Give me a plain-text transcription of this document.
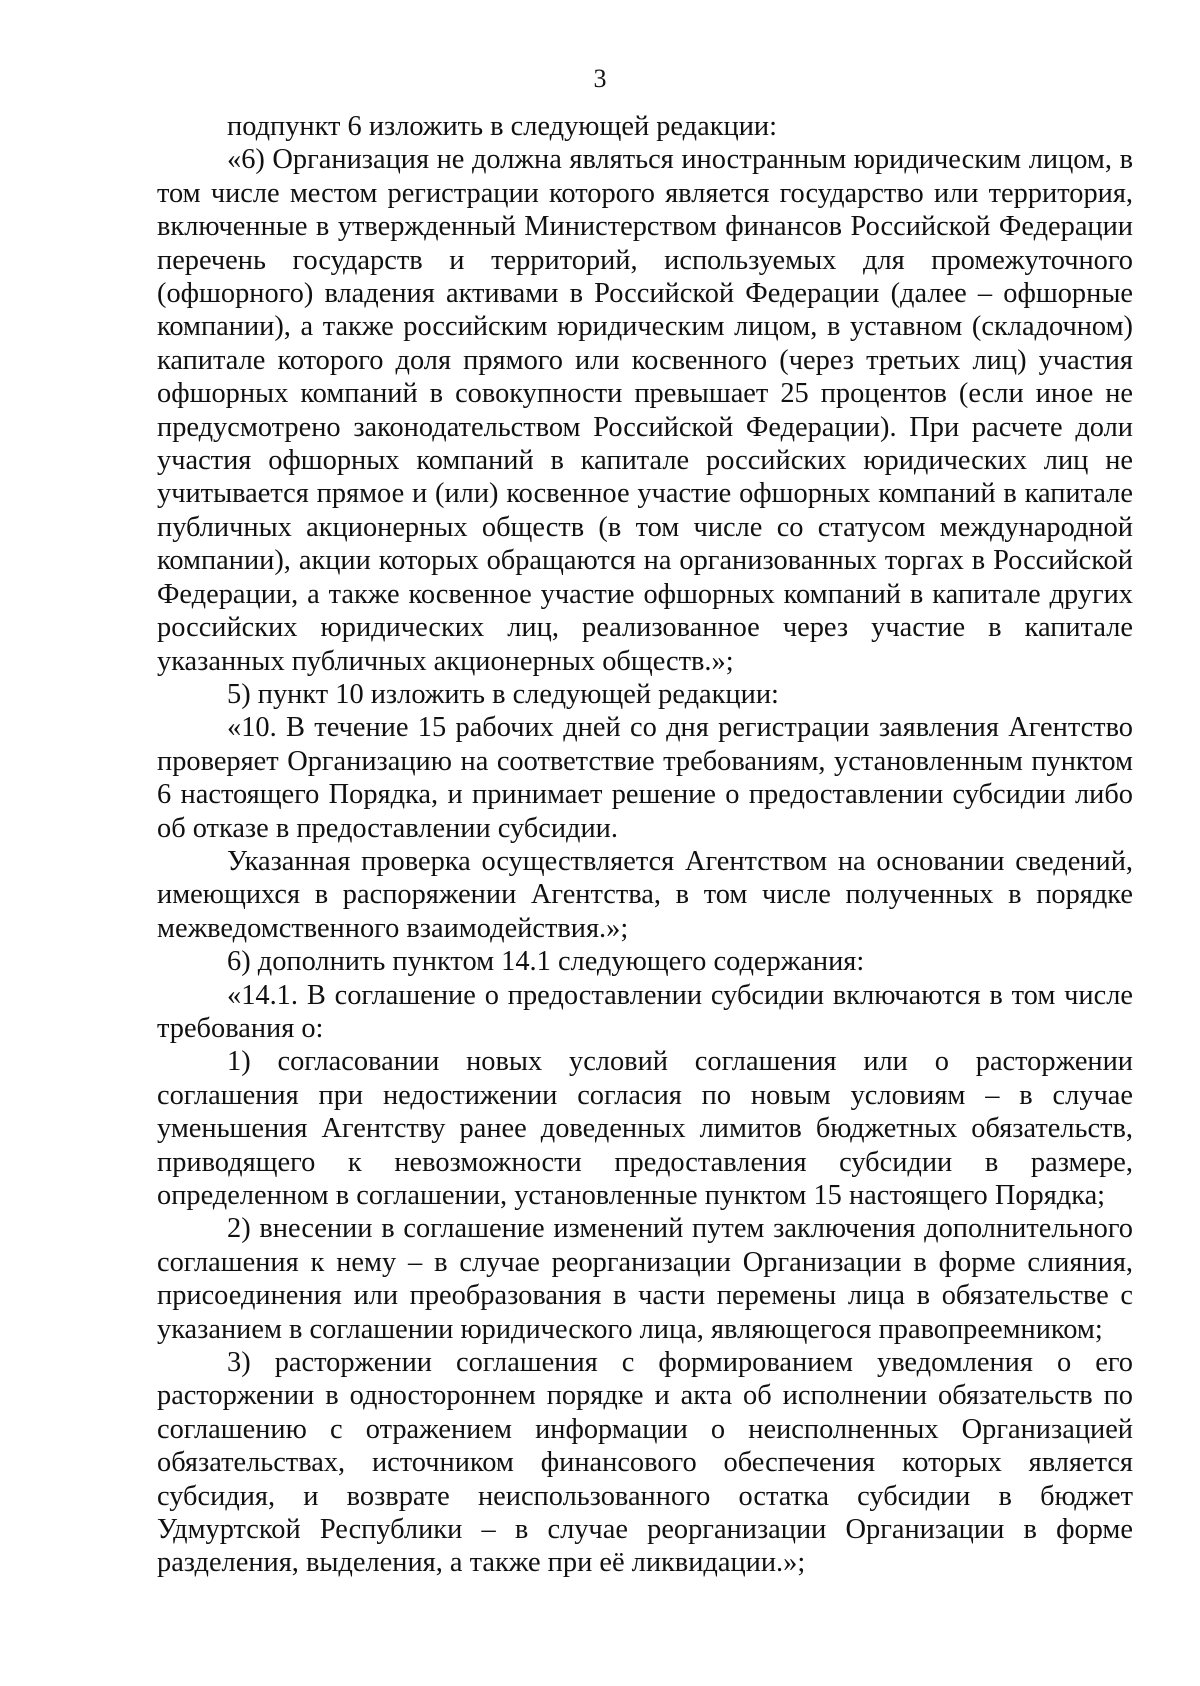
3

подпункт 6 изложить в следующей редакции:

«6) Организация не должна являться иностранным юридическим лицом, в том числе местом регистрации которого является государство или территория, включенные в утвержденный Министерством финансов Российской Федерации перечень государств и территорий, используемых для промежуточного (офшорного) владения активами в Российской Федерации (далее – офшорные компании), а также российским юридическим лицом, в уставном (складочном) капитале которого доля прямого или косвенного (через третьих лиц) участия офшорных компаний в совокупности превышает 25 процентов (если иное не предусмотрено законодательством Российской Федерации). При расчете доли участия офшорных компаний в капитале российских юридических лиц не учитывается прямое и (или) косвенное участие офшорных компаний в капитале публичных акционерных обществ (в том числе со статусом международной компании), акции которых обращаются на организованных торгах в Российской Федерации, а также косвенное участие офшорных компаний в капитале других российских юридических лиц, реализованное через участие в капитале указанных публичных акционерных обществ.»;

5) пункт 10 изложить в следующей редакции:

«10. В течение 15 рабочих дней со дня регистрации заявления Агентство проверяет Организацию на соответствие требованиям, установленным пунктом 6 настоящего Порядка, и принимает решение о предоставлении субсидии либо об отказе в предоставлении субсидии.

Указанная проверка осуществляется Агентством на основании сведений, имеющихся в распоряжении Агентства, в том числе полученных в порядке межведомственного взаимодействия.»;

6) дополнить пунктом 14.1 следующего содержания:

«14.1. В соглашение о предоставлении субсидии включаются в том числе требования о:

1) согласовании новых условий соглашения или о расторжении соглашения при недостижении согласия по новым условиям – в случае уменьшения Агентству ранее доведенных лимитов бюджетных обязательств, приводящего к невозможности предоставления субсидии в размере, определенном в соглашении, установленные пунктом 15 настоящего Порядка;

2) внесении в соглашение изменений путем заключения дополнительного соглашения к нему – в случае реорганизации Организации в форме слияния, присоединения или преобразования в части перемены лица в обязательстве с указанием в соглашении юридического лица, являющегося правопреемником;

3) расторжении соглашения с формированием уведомления о его расторжении в одностороннем порядке и акта об исполнении обязательств по соглашению с отражением информации о неисполненных Организацией обязательствах, источником финансового обеспечения которых является субсидия, и возврате неиспользованного остатка субсидии в бюджет Удмуртской Республики – в случае реорганизации Организации в форме разделения, выделения, а также при её ликвидации.»;
